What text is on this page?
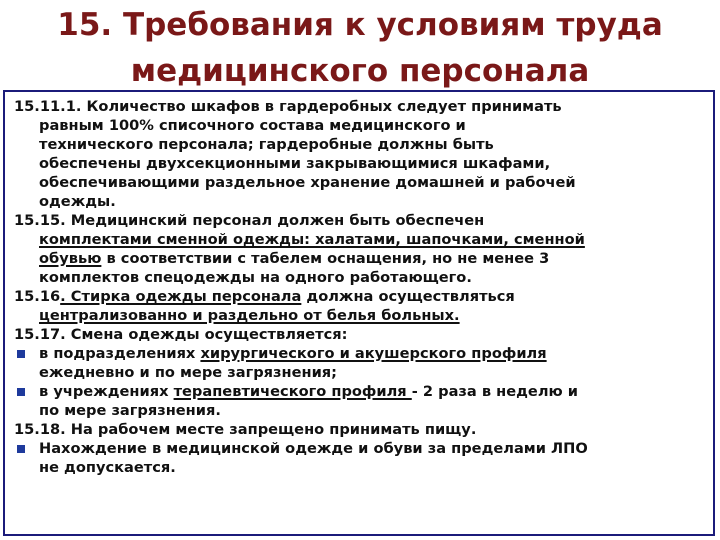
15. Требования к условиям труда
медицинского персонала
15.11.1. Количество шкафов в гардеробных следует принимать
равным 100% списочного состава медицинского и
технического персонала; гардеробные должны быть
обеспечены двухсекционными закрывающимися шкафами,
обеспечивающими раздельное хранение домашней и рабочей
одежды.
15.15. Медицинский персонал должен быть обеспечен
комплектами сменной одежды: халатами, шапочками, сменной
обувью в соответствии с табелем оснащения, но не менее 3
комплектов спецодежды на одного работающего.
15.16. Стирка одежды персонала должна осуществляться
централизованно и раздельно от белья больных.
15.17. Смена одежды осуществляется:
в подразделениях хирургического и акушерского профиля
ежедневно и по мере загрязнения;
в учреждениях терапевтического профиля - 2 раза в неделю и
по мере загрязнения.
15.18. На рабочем месте запрещено принимать пищу.
Нахождение в медицинской одежде и обуви за пределами ЛПО
не допускается.
